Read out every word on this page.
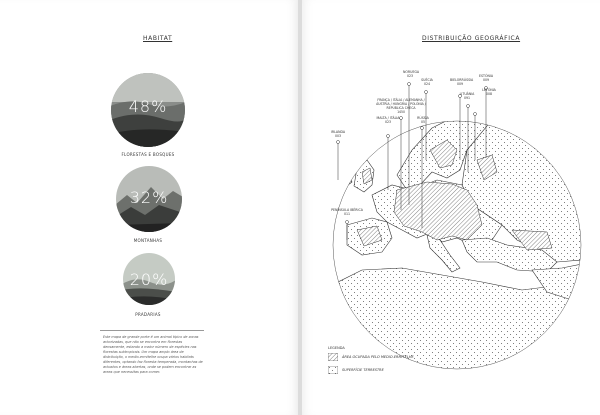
HABITAT
48%
FLORESTAS E BOSQUES
32%
MONTANHAS
20%
PRADARIAS
Este mapa de grande porte é um animal típico de zonas arborizadas, que não se encontra em florestas densamente, estando a maior número de espécies nas florestas subtropicais. Um mapa amplo área de distribuição, o medio-ermitelhe ocupa vários habitats diferentes, optando faz floresta temperada, montanhas de arbustos e áreas abertas, onde se podem encontrar as areas que necessitas para comer.
DISTRIBUIÇÃO GEOGRÁFICA
NORUEGA
023
SUÉCIA
024
BIELORRÚSSIA
009
ESTÓNIA
009
FRANÇA / ITÁLIA / ALEMANHA / ÁUSTRIA / HUNGRIA / POLÓNIA / REPÚBLICA CHECA
1450
LITUÂNIA
091
LETÓNIA
008
RÚSSIA
05
MALTA / ITÁLIA
023
IRLANDA
003
PENÍNSULA IBÉRICA
011
LEGENDA
ÁREA OCUPADA PELO MEDIO-ERMITELHE
SUPERFÍCIE TERRESTRE
